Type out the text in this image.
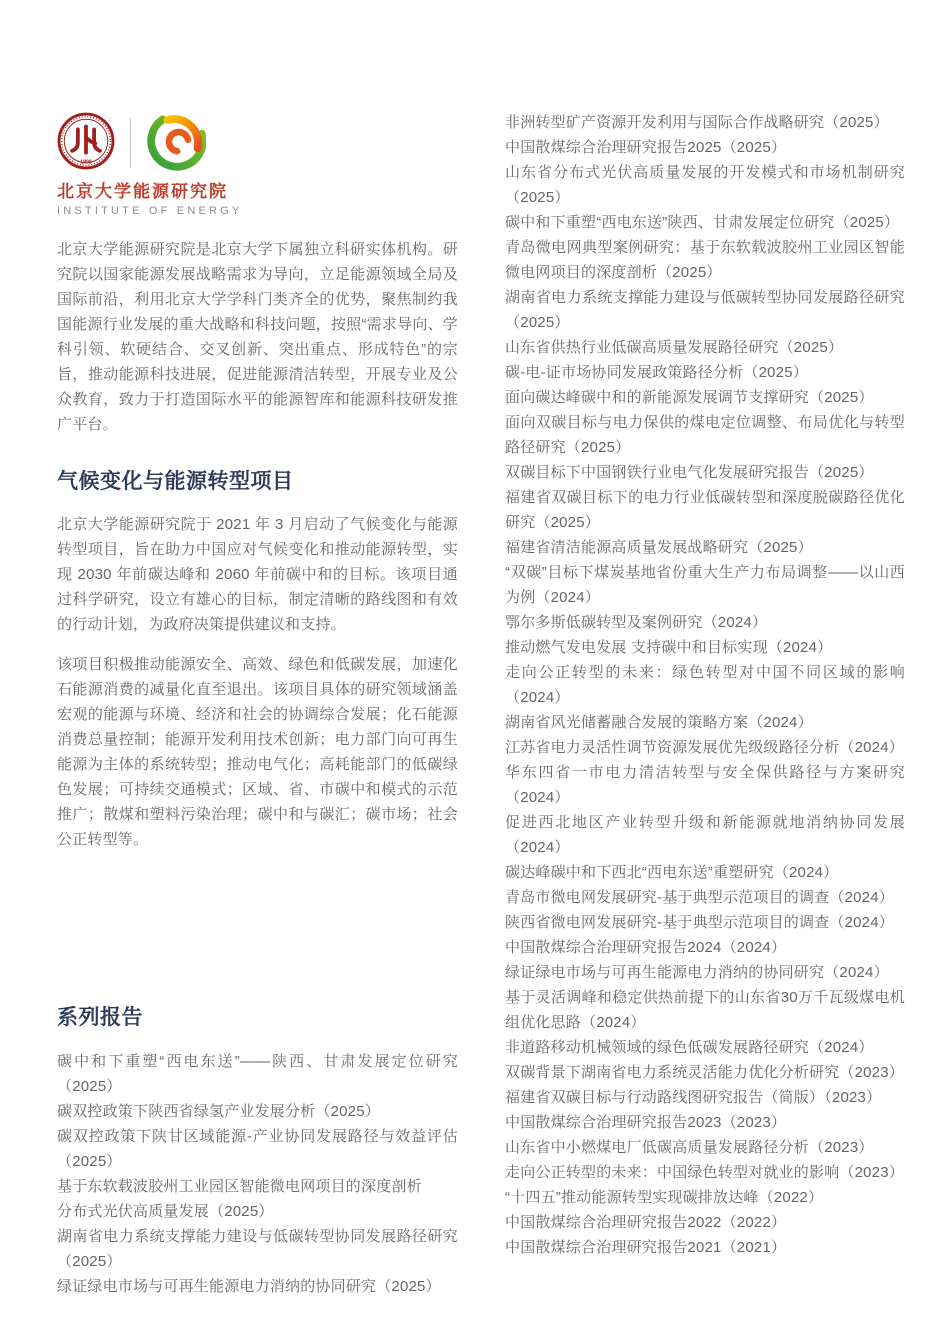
1898
北京大学能源研究院
INSTITUTE OF ENERGY

北京大学能源研究院是北京大学下属独立科研实体机构。研究院以国家能源发展战略需求为导向，立足能源领域全局及国际前沿，利用北京大学学科门类齐全的优势，聚焦制约我国能源行业发展的重大战略和科技问题，按照“需求导向、学科引领、软硬结合、交叉创新、突出重点、形成特色”的宗旨，推动能源科技进展，促进能源清洁转型，开展专业及公众教育，致力于打造国际水平的能源智库和能源科技研发推广平台。

气候变化与能源转型项目

北京大学能源研究院于 2021 年 3 月启动了气候变化与能源转型项目，旨在助力中国应对气候变化和推动能源转型，实现 2030 年前碳达峰和 2060 年前碳中和的目标。该项目通过科学研究，设立有雄心的目标，制定清晰的路线图和有效的行动计划，为政府决策提供建议和支持。

该项目积极推动能源安全、高效、绿色和低碳发展，加速化石能源消费的减量化直至退出。该项目具体的研究领域涵盖宏观的能源与环境、经济和社会的协调综合发展；化石能源消费总量控制；能源开发利用技术创新；电力部门向可再生能源为主体的系统转型；推动电气化；高耗能部门的低碳绿色发展；可持续交通模式；区域、省、市碳中和模式的示范推广；散煤和塑料污染治理；碳中和与碳汇；碳市场；社会公正转型等。

系列报告
碳中和下重塑“西电东送”——陕西、甘肃发展定位研究（2025）
碳双控政策下陕西省绿氢产业发展分析（2025）
碳双控政策下陕甘区域能源-产业协同发展路径与效益评估（2025）
基于东软载波胶州工业园区智能微电网项目的深度剖析
分布式光伏高质量发展（2025）
湖南省电力系统支撑能力建设与低碳转型协同发展路径研究（2025）
绿证绿电市场与可再生能源电力消纳的协同研究（2025）
非洲转型矿产资源开发利用与国际合作战略研究（2025）
中国散煤综合治理研究报告2025（2025）
山东省分布式光伏高质量发展的开发模式和市场机制研究（2025）
碳中和下重塑“西电东送”陕西、甘肃发展定位研究（2025）
青岛微电网典型案例研究：基于东软载波胶州工业园区智能微电网项目的深度剖析（2025）
湖南省电力系统支撑能力建设与低碳转型协同发展路径研究（2025）
山东省供热行业低碳高质量发展路径研究（2025）
碳-电-证市场协同发展政策路径分析（2025）
面向碳达峰碳中和的新能源发展调节支撑研究（2025）
面向双碳目标与电力保供的煤电定位调整、布局优化与转型路径研究（2025）
双碳目标下中国钢铁行业电气化发展研究报告（2025）
福建省双碳目标下的电力行业低碳转型和深度脱碳路径优化研究（2025）
福建省清洁能源高质量发展战略研究（2025）
“双碳”目标下煤炭基地省份重大生产力布局调整——以山西为例（2024）
鄂尔多斯低碳转型及案例研究（2024）
推动燃气发电发展 支持碳中和目标实现（2024）
走向公正转型的未来：绿色转型对中国不同区域的影响（2024）
湖南省风光储蓄融合发展的策略方案（2024）
江苏省电力灵活性调节资源发展优先级级路径分析（2024）
华东四省一市电力清洁转型与安全保供路径与方案研究（2024）
促进西北地区产业转型升级和新能源就地消纳协同发展（2024）
碳达峰碳中和下西北“西电东送”重塑研究（2024）
青岛市微电网发展研究-基于典型示范项目的调查（2024）
陕西省微电网发展研究-基于典型示范项目的调查（2024）
中国散煤综合治理研究报告2024（2024）
绿证绿电市场与可再生能源电力消纳的协同研究（2024）
基于灵活调峰和稳定供热前提下的山东省30万千瓦级煤电机组优化思路（2024）
非道路移动机械领域的绿色低碳发展路径研究（2024）
双碳背景下湖南省电力系统灵活能力优化分析研究（2023）
福建省双碳目标与行动路线图研究报告（简版）（2023）
中国散煤综合治理研究报告2023（2023）
山东省中小燃煤电厂低碳高质量发展路径分析（2023）
走向公正转型的未来：中国绿色转型对就业的影响（2023）
“十四五”推动能源转型实现碳排放达峰（2022）
中国散煤综合治理研究报告2022（2022）
中国散煤综合治理研究报告2021（2021）
